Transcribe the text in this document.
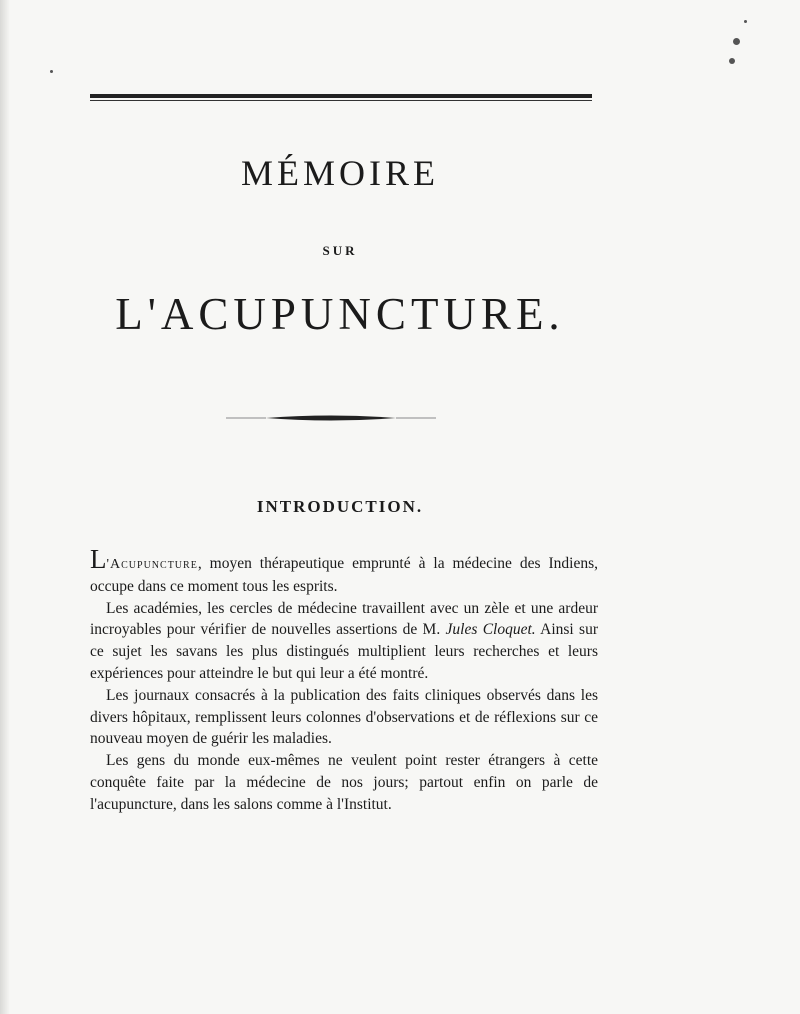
MÉMOIRE
SUR
L'ACUPUNCTURE.
INTRODUCTION.

L'Acupuncture, moyen thérapeutique emprunté à la médecine des Indiens, occupe dans ce moment tous les esprits.

Les académies, les cercles de médecine travaillent avec un zèle et une ardeur incroyables pour vérifier de nouvelles assertions de M. Jules Cloquet. Ainsi sur ce sujet les savans les plus distingués multiplient leurs recherches et leurs expériences pour atteindre le but qui leur a été montré.

Les journaux consacrés à la publication des faits cliniques observés dans les divers hôpitaux, remplissent leurs colonnes d'observations et de réflexions sur ce nouveau moyen de guérir les maladies.

Les gens du monde eux-mêmes ne veulent point rester étrangers à cette conquête faite par la médecine de nos jours; partout enfin on parle de l'acupuncture, dans les salons comme à l'Institut.
